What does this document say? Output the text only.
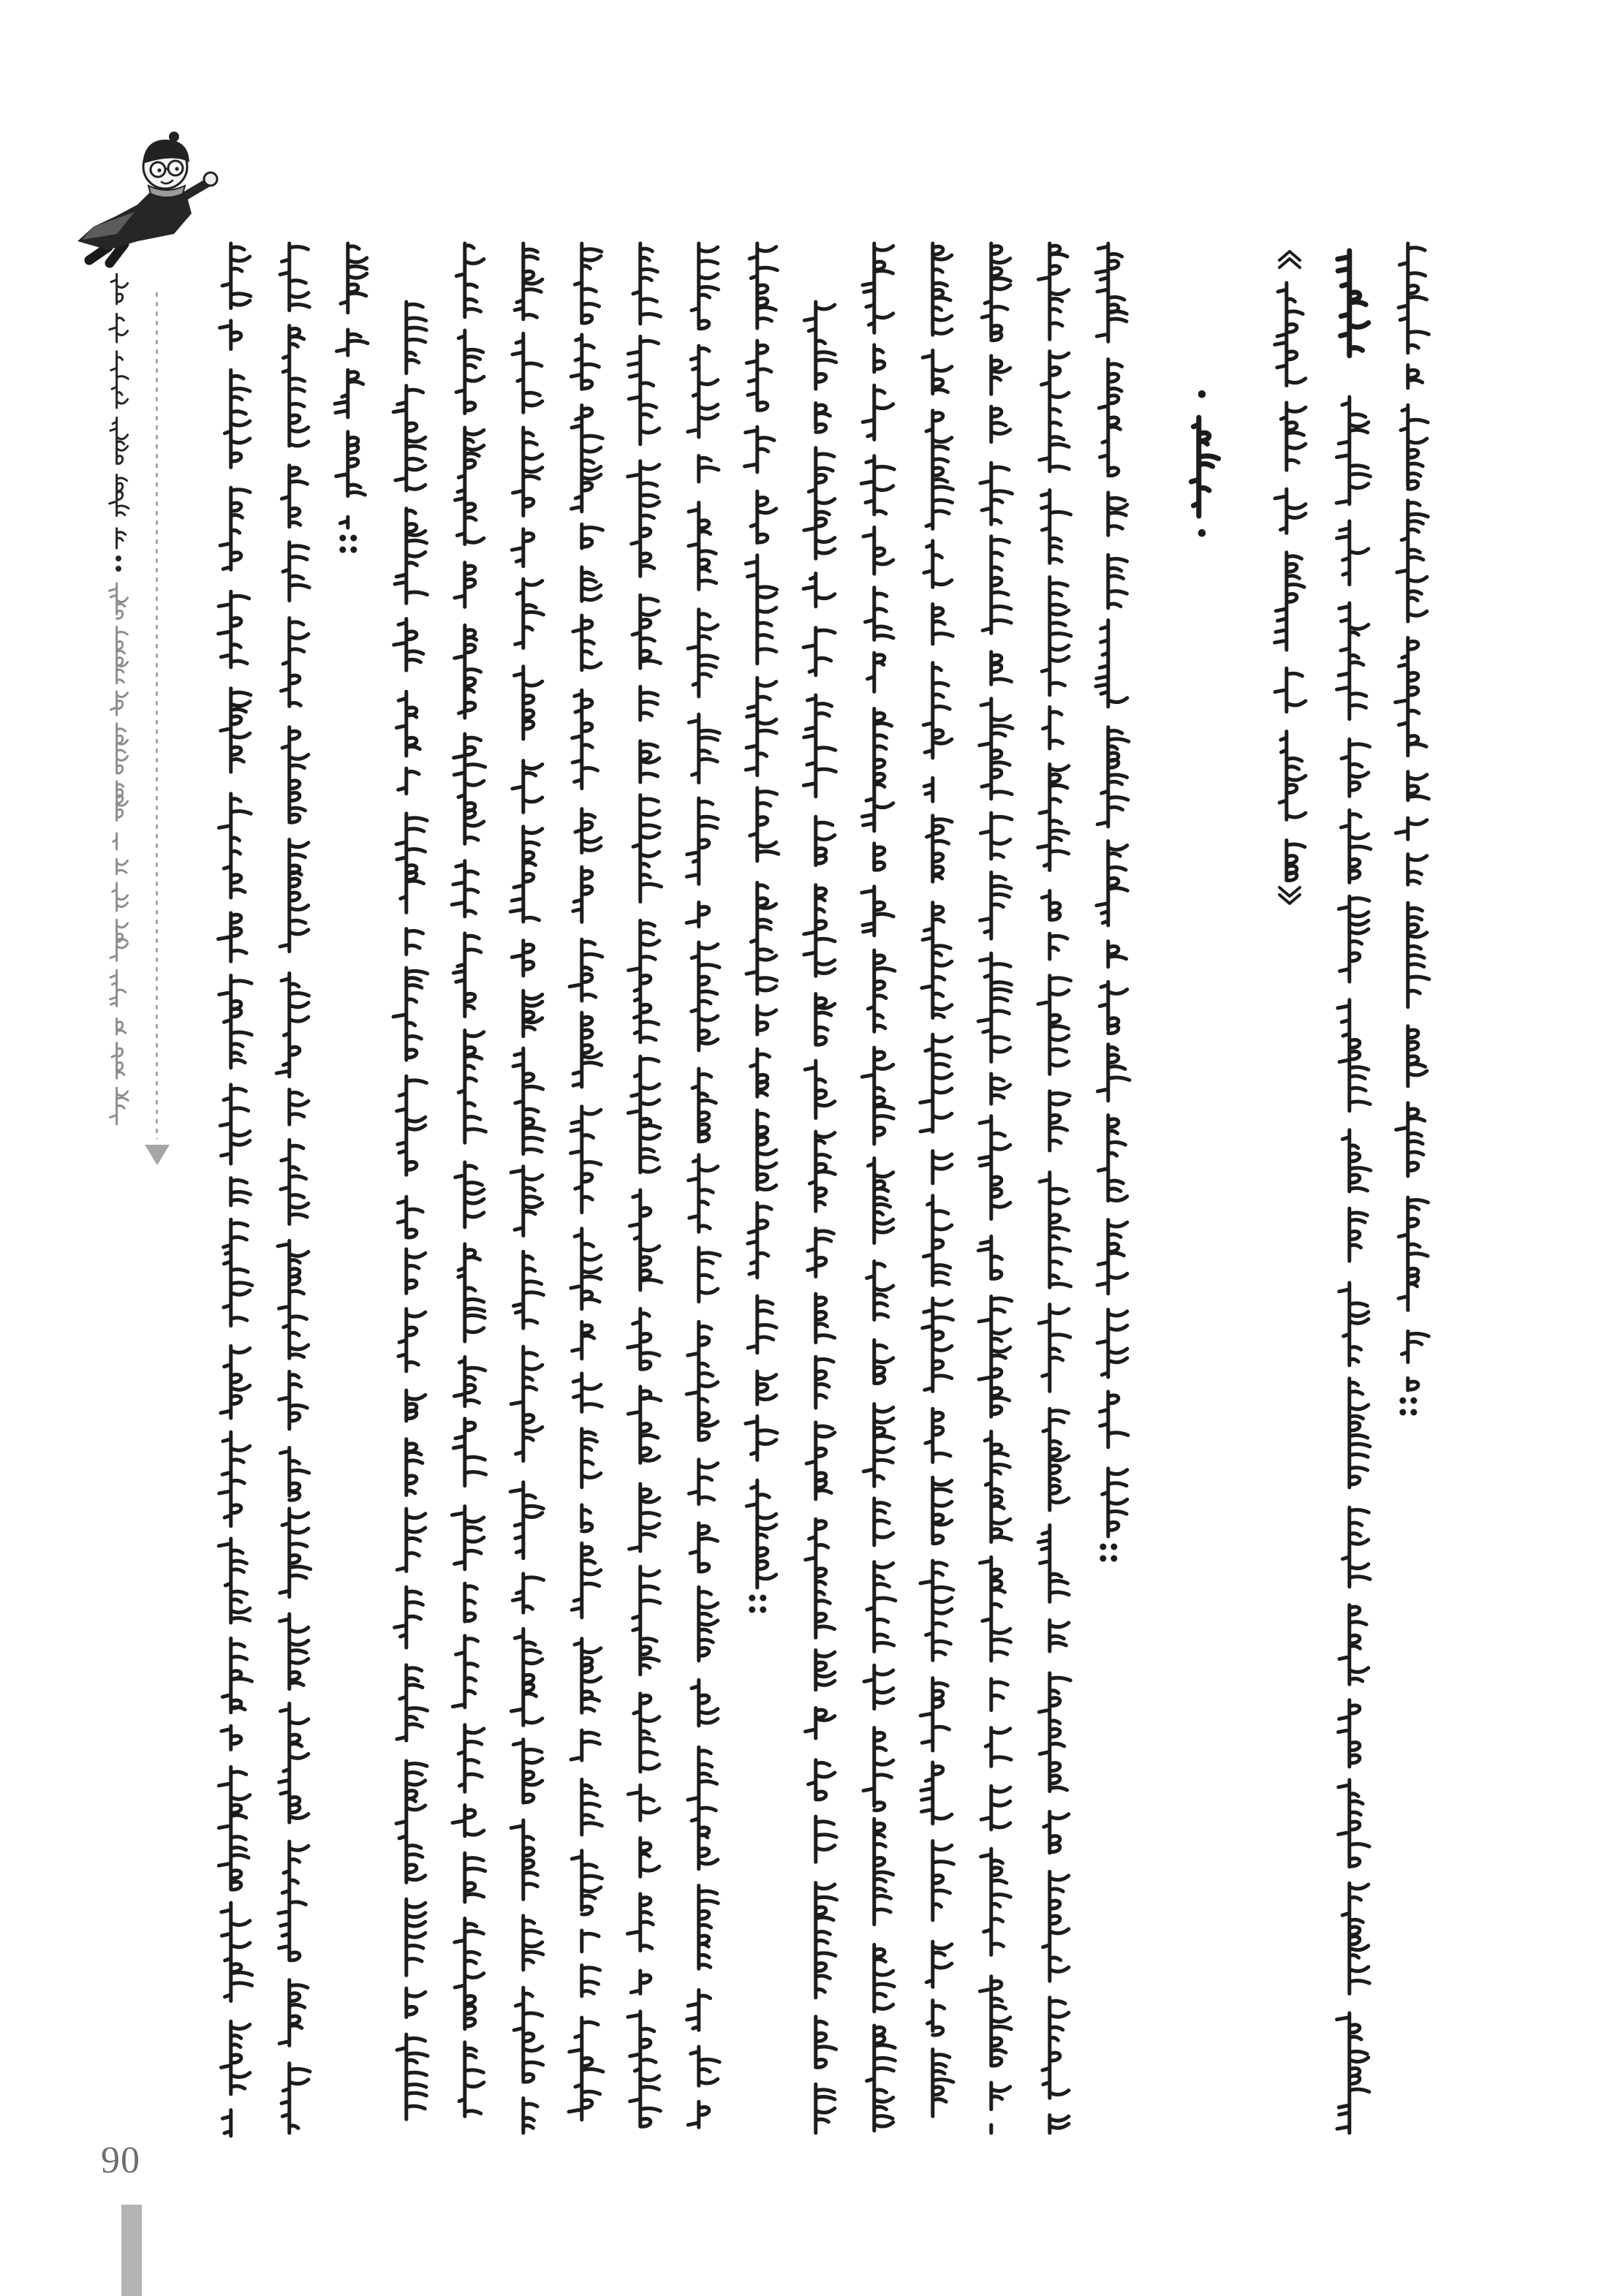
•
•
90
